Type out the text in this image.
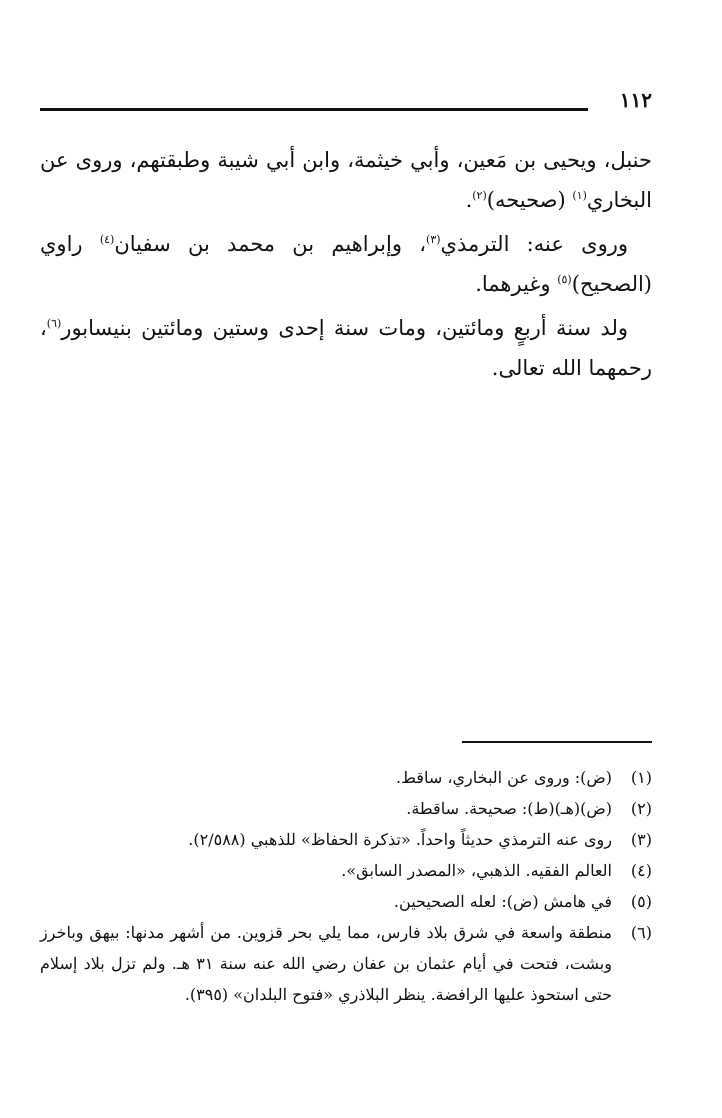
١١٢

حنبل، ويحيى بن مَعين، وأبي خيثمة، وابن أبي شيبة وطبقتهم، وروى عن البخاري$^{(١)}$ (صحيحه)$^{(٢)}$.

وروى عنه: الترمذي$^{(٣)}$، وإبراهيم بن محمد بن سفيان$^{(٤)}$ راوي (الصحيح)$^{(٥)}$ وغيرهما.

ولد سنة أربعٍ ومائتين، ومات سنة إحدى وستين ومائتين بنيسابور$^{(٦)}$، رحمهما الله تعالى.

(١)
(ض): وروى عن البخاري، ساقط.
(٢)
(ض)(هـ)(ط): صحيحة. ساقطة.
(٣)
روى عنه الترمذي حديثاً واحداً. «تذكرة الحفاظ» للذهبي (٢/٥٨٨).
(٤)
العالم الفقيه. الذهبي، «المصدر السابق».
(٥)
في هامش (ض): لعله الصحيحين.
(٦)
منطقة واسعة في شرق بلاد فارس، مما يلي بحر قزوين. من أشهر مدنها: بيهق وباخرز وبشت، فتحت في أيام عثمان بن عفان رضي الله عنه سنة ٣١ هـ. ولم تزل بلاد إسلام حتى استحوذ عليها الرافضة. ينظر البلاذري «فتوح البلدان» (٣٩٥).
